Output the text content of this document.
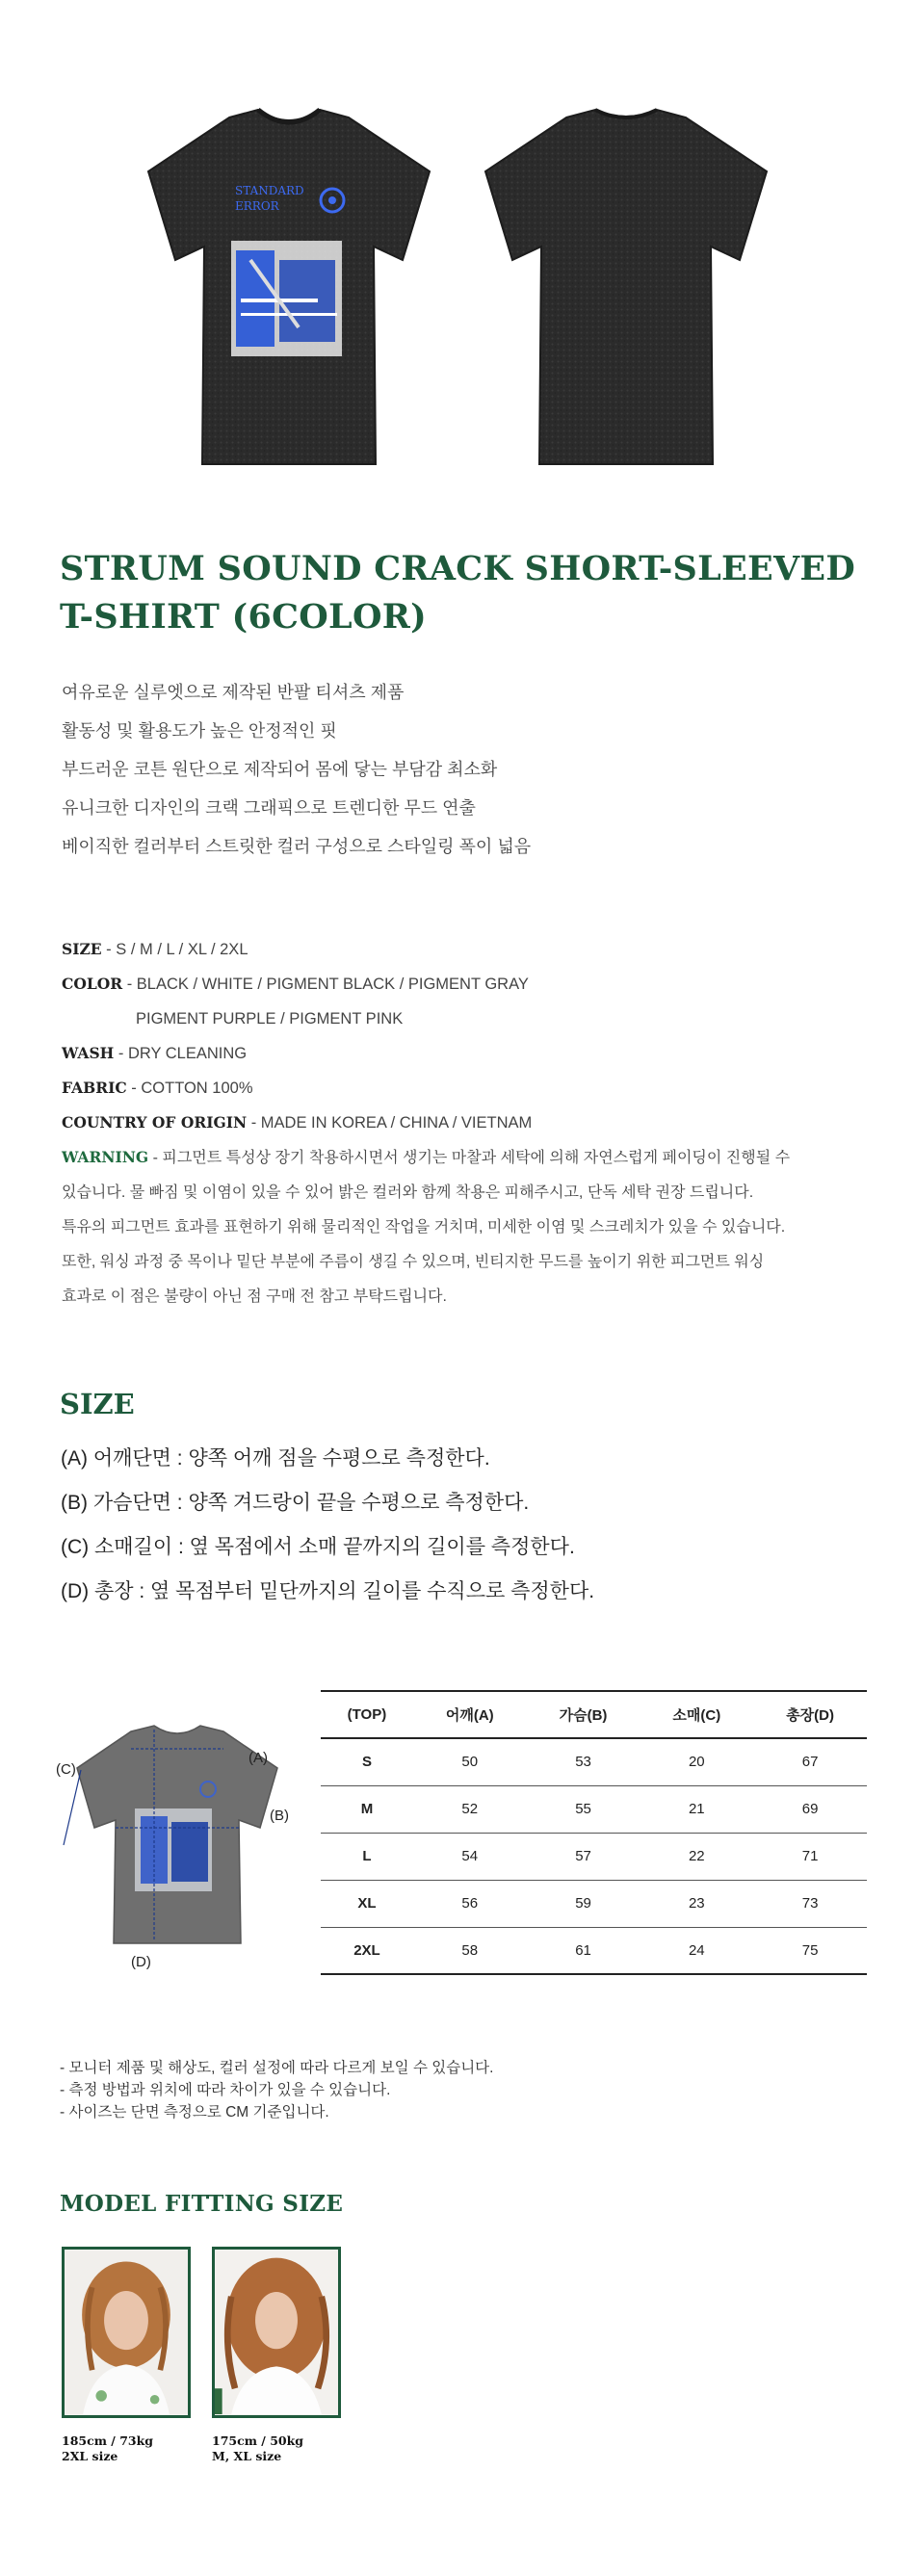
STANDARD
ERROR
STRUM SOUND CRACK SHORT-SLEEVED
T-SHIRT (6COLOR)

여유로운 실루엣으로 제작된 반팔 티셔츠 제품

활동성 및 활용도가 높은 안정적인 핏

부드러운 코튼 원단으로 제작되어 몸에 닿는 부담감 최소화

유니크한 디자인의 크랙 그래픽으로 트렌디한 무드 연출

베이직한 컬러부터 스트릿한 컬러 구성으로 스타일링 폭이 넓음

SIZE - S / M / L / XL / 2XL
COLOR - BLACK / WHITE / PIGMENT BLACK / PIGMENT GRAY
PIGMENT PURPLE / PIGMENT PINK
WASH - DRY CLEANING
FABRIC - COTTON 100%
COUNTRY OF ORIGIN - MADE IN KOREA / CHINA / VIETNAM
WARNING - 피그먼트 특성상 장기 착용하시면서 생기는 마찰과 세탁에 의해 자연스럽게 페이딩이 진행될 수
있습니다. 물 빠짐 및 이염이 있을 수 있어 밝은 컬러와 함께 착용은 피해주시고, 단독 세탁 권장 드립니다.
특유의 피그먼트 효과를 표현하기 위해 물리적인 작업을 거치며, 미세한 이염 및 스크레치가 있을 수 있습니다.
또한, 워싱 과정 중 목이나 밑단 부분에 주름이 생길 수 있으며, 빈티지한 무드를 높이기 위한 피그먼트 워싱
효과로 이 점은 불량이 아닌 점 구매 전 참고 부탁드립니다.
SIZE

(A) 어깨단면 : 양쪽 어깨 점을 수평으로 측정한다.

(B) 가슴단면 : 양쪽 겨드랑이 끝을 수평으로 측정한다.

(C) 소매길이 : 옆 목점에서 소매 끝까지의 길이를 측정한다.

(D) 총장 : 옆 목점부터 밑단까지의 길이를 수직으로 측정한다.

(A)
(B)
(C)
(D)
(TOP)	어깨(A)	가슴(B)	소매(C)	총장(D)
S	50	53	20	67
M	52	55	21	69
L	54	57	22	71
XL	56	59	23	73
2XL	58	61	24	75

- 모니터 제품 및 해상도, 컬러 설정에 따라 다르게 보일 수 있습니다.

- 측정 방법과 위치에 따라 차이가 있을 수 있습니다.

- 사이즈는 단면 측정으로 CM 기준입니다.

MODEL FITTING SIZE
185cm / 73kg
2XL size
175cm / 50kg
M, XL size
